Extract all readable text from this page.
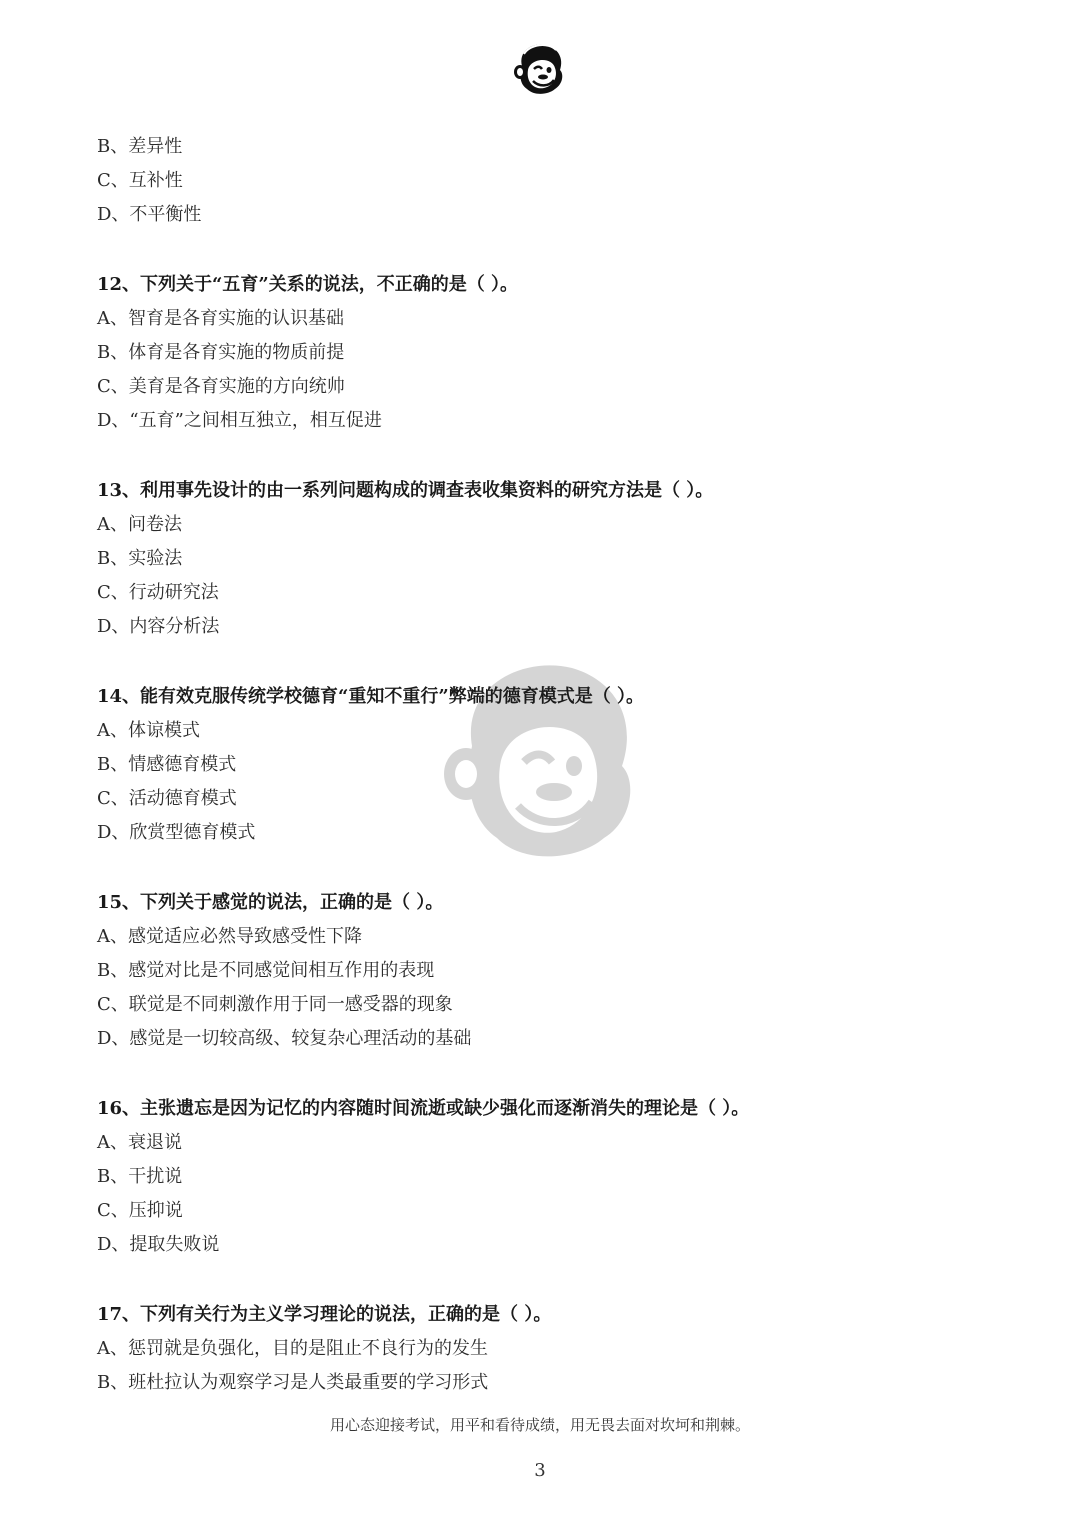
B、差异性
C、互补性
D、不平衡性
12、下列关于“五育”关系的说法，不正确的是（ ）。
A、智育是各育实施的认识基础
B、体育是各育实施的物质前提
C、美育是各育实施的方向统帅
D、“五育”之间相互独立，相互促进
13、利用事先设计的由一系列问题构成的调查表收集资料的研究方法是（ ）。
A、问卷法
B、实验法
C、行动研究法
D、内容分析法
14、能有效克服传统学校德育“重知不重行”弊端的德育模式是（ ）。
A、体谅模式
B、情感德育模式
C、活动德育模式
D、欣赏型德育模式
15、下列关于感觉的说法，正确的是（ ）。
A、感觉适应必然导致感受性下降
B、感觉对比是不同感觉间相互作用的表现
C、联觉是不同刺激作用于同一感受器的现象
D、感觉是一切较高级、较复杂心理活动的基础
16、主张遗忘是因为记忆的内容随时间流逝或缺少强化而逐渐消失的理论是（ ）。
A、衰退说
B、干扰说
C、压抑说
D、提取失败说
17、下列有关行为主义学习理论的说法，正确的是（ ）。
A、惩罚就是负强化，目的是阻止不良行为的发生
B、班杜拉认为观察学习是人类最重要的学习形式
用心态迎接考试，用平和看待成绩，用无畏去面对坎坷和荆棘。
3
